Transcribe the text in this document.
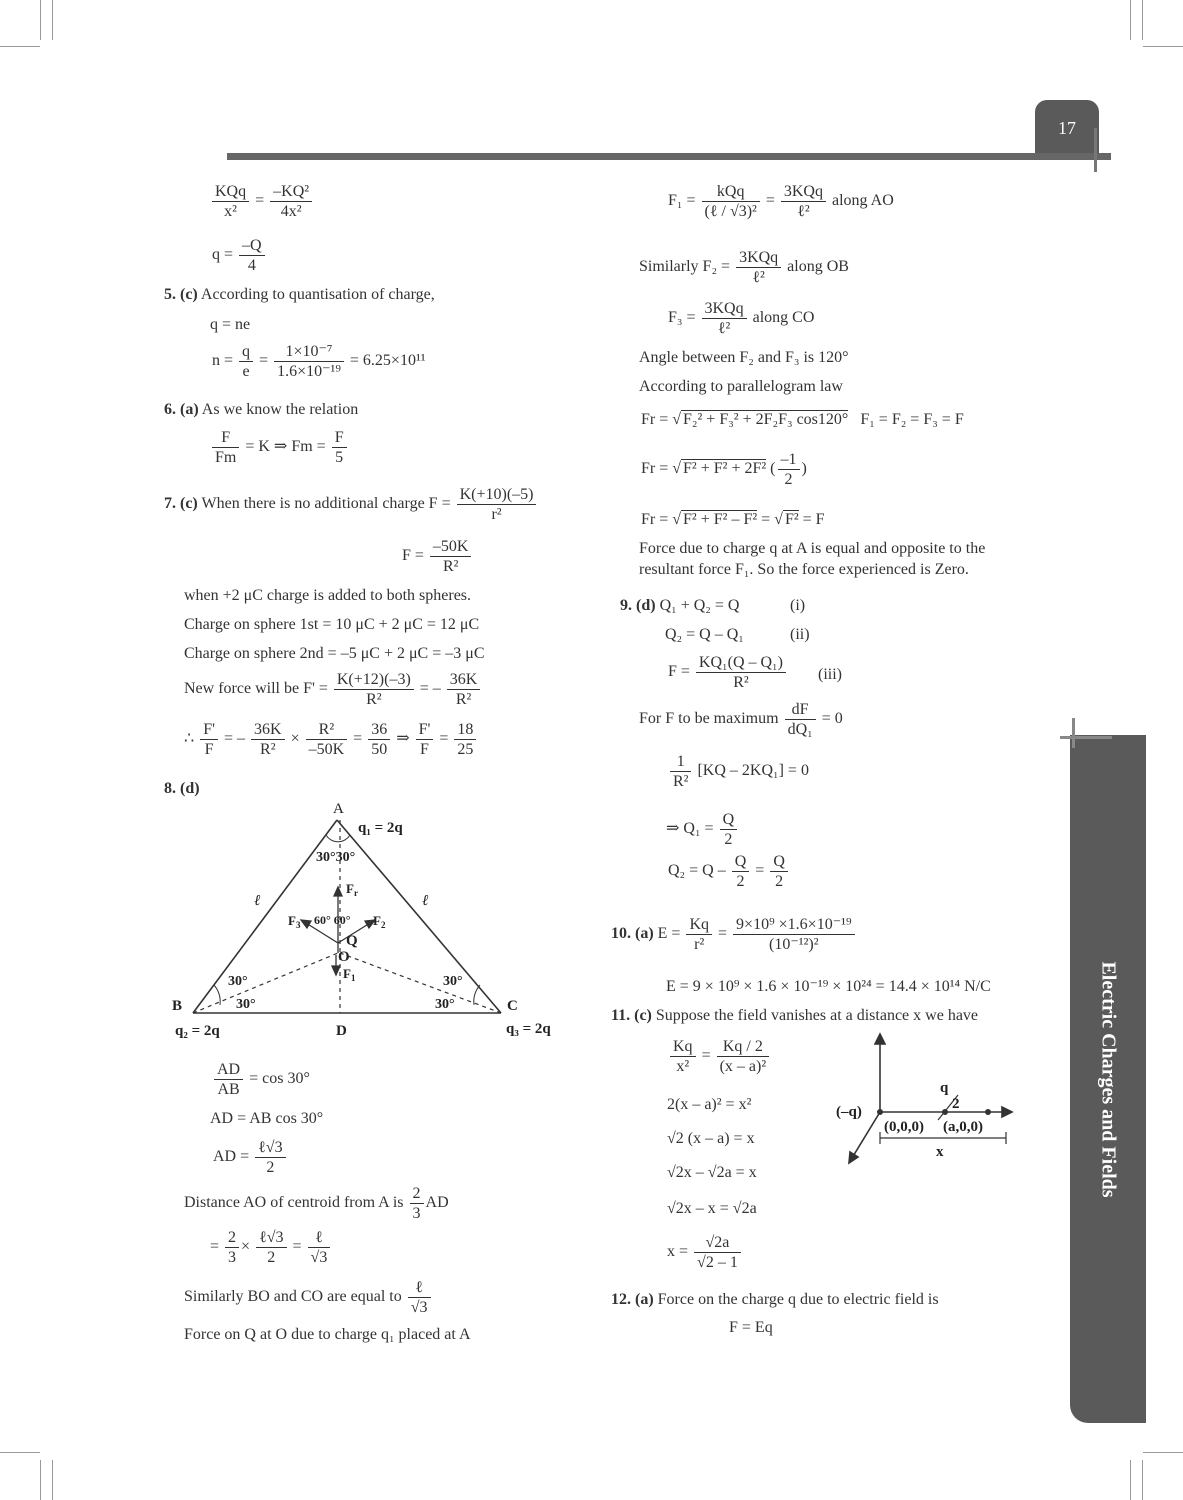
17
Electric Charges and Fields
$\frac{\text{KQq}}{\text{x²}} = \frac{\text{–KQ²}}{\text{4x²}}$
$q = \frac{-Q}{4}$
5. (c) According to quantisation of charge,
q = ne
$n = \frac{q}{e} = \frac{\text{1×10⁻⁷}}{\text{1.6×10⁻¹⁹}} = 6.25\times 10^{11}$
6. (a) As we know the relation
$\frac{F}{Fm} = K$ ⇒ $Fm = \frac{F}{5}$
7. (c) When there is no additional charge $F = \frac{K(+10)(-5)}{\text{r²}}$
$F = \frac{-50K}{\text{R²}}$
when +2 μC charge is added to both spheres.
Charge on sphere 1st = 10 μC + 2 μC = 12 μC
Charge on sphere 2nd = –5 μC + 2 μC = –3 μC
New force will be $F' = \frac{K(+12)(-3)}{\text{R²}}$ = – $\frac{36K}{\text{R²}}$
∴ $\frac{F'}{F}$ = – $\frac{36K}{\text{R²}} \times \frac{\text{R²}}{-50K} = \frac{36}{50}$ ⇒ $\frac{F'}{F} = \frac{18}{25}$
8. (d)
A
B	C
D
O
Q
q₁ = 2q
q₂ = 2q	q₃ = 2q
30°30°
30°
30°
30°
30°
ℓ	ℓ
$F_r$
$F_1$
$F_2$
$F_3$ 60° 60°
$\frac{AD}{AB} = \cos 30^\circ$
AD = AB cos 30°
AD = $\frac{\text{ℓ√3}}{2}$
Distance AO of centroid from A is $\frac{2}{3}$ AD
= $\frac{2}{3} \times \frac{\text{ℓ√3}}{2} = \frac{\text{ℓ}}{√3}$
Similarly BO and CO are equal to $\frac{\text{ℓ}}{√3}$
Force on Q at O due to charge q₁ placed at A
$F_1 = \frac{\text{kQq}}{\text{(ℓ / √3)²}} = \frac{\text{3KQq}}{\text{ℓ²}}$ along AO
Similarly $F_2 = \frac{\text{3KQq}}{\text{ℓ²}}$ along OB
$F_3 = \frac{\text{3KQq}}{\text{ℓ²}}$ along CO
Angle between F₂ and F₃ is 120°
According to parallelogram law
Fr = √ F₂² + F₃² + 2F₂F₃ cos120° F₁ = F₂ = F₃ = F
Fr = √ F² + F² + 2F² ( $\frac{-1}{2}$ )
Fr = √ F² + F² – F² = √ F² = F
Force due to charge q at A is equal and opposite to the
resultant force F₁. So the force experienced is Zero.
9. (d) Q₁ + Q₂ = Q	(i)
Q₂ = Q – Q₁	(ii)
$F = \frac{\text{KQ₁(Q – Q₁)}}{\text{R²}} (iii)$
For F to be maximum $\frac{dF}{\text{dQ₁}} = 0$
$\frac{1}{\text{R²}} [KQ - 2KQ_1] = 0$
⇒ $Q_1 = \frac{Q}{2}$
$Q_2 = Q - \frac{Q}{2} = \frac{Q}{2}$
10. (a) $E = \frac{Kq}{\text{r²}} = \frac{\text{9×10⁹ ×1.6×10⁻¹⁹}}{\text{(10⁻¹²)²}}$
E = 9 × 10⁹ × 1.6 × 10⁻¹⁹ × 10²⁴ = 14.4 × 10¹⁴ N/C
11. (c) Suppose the field vanishes at a distance x we have
$\frac{Kq}{\text{x²}} = \frac{Kq / 2}{\text{(x – a)²}}$
2(x – a)² = x²
√2 (x – a) = x
√2x – √2a = x
√2x – x = √2a
$x = \frac{√2a}{√2 - 1}$
(–q)
q
2
(0,0,0) (a,0,0)
x
12. (a) Force on the charge q due to electric field is
F = Eq
